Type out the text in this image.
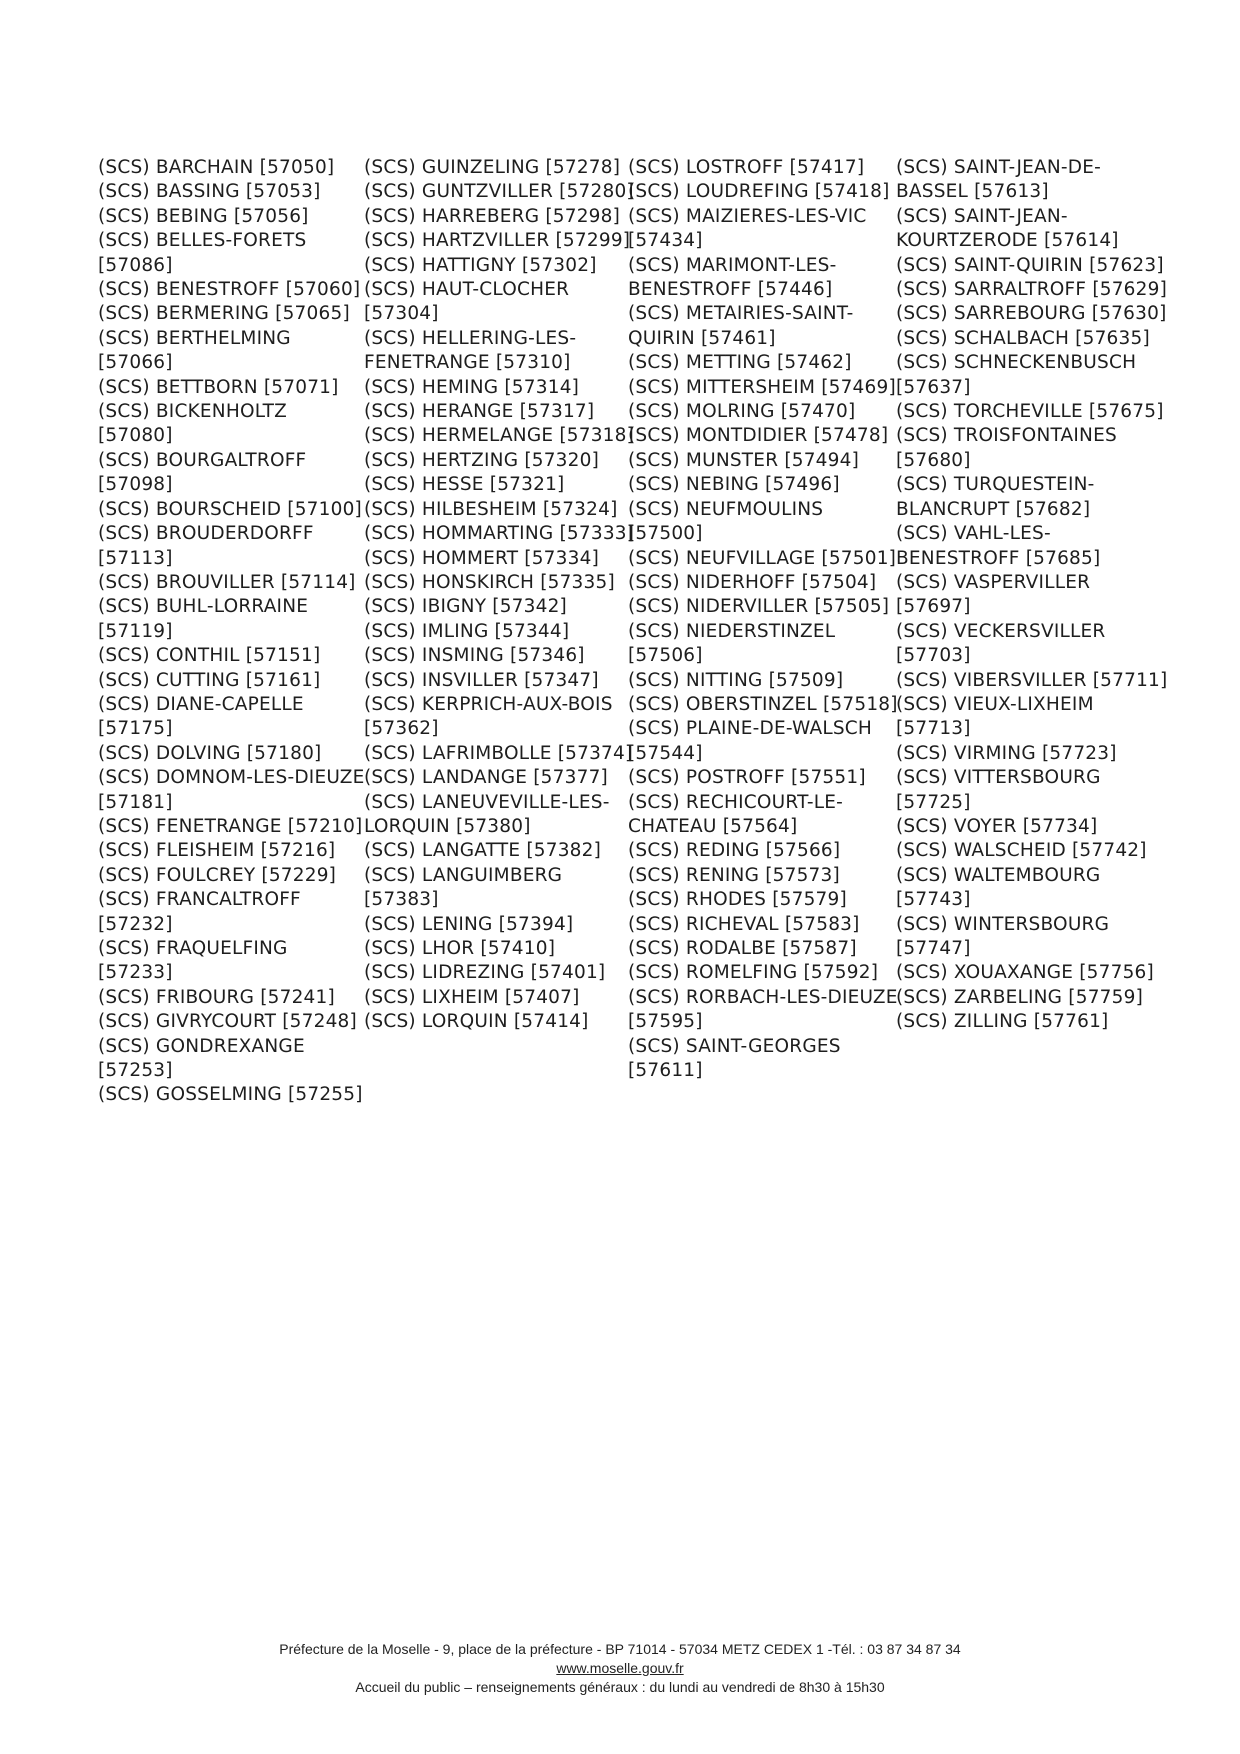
(SCS) BARCHAIN [57050]
(SCS) BASSING [57053]
(SCS) BEBING [57056]
(SCS) BELLES-FORETS [57086]
(SCS) BENESTROFF [57060]
(SCS) BERMERING [57065]
(SCS) BERTHELMING [57066]
(SCS) BETTBORN [57071]
(SCS) BICKENHOLTZ [57080]
(SCS) BOURGALTROFF [57098]
(SCS) BOURSCHEID [57100]
(SCS) BROUDERDORFF [57113]
(SCS) BROUVILLER [57114]
(SCS) BUHL-LORRAINE [57119]
(SCS) CONTHIL [57151]
(SCS) CUTTING [57161]
(SCS) DIANE-CAPELLE [57175]
(SCS) DOLVING [57180]
(SCS) DOMNOM-LES-DIEUZE [57181]
(SCS) FENETRANGE [57210]
(SCS) FLEISHEIM [57216]
(SCS) FOULCREY [57229]
(SCS) FRANCALTROFF [57232]
(SCS) FRAQUELFING [57233]
(SCS) FRIBOURG [57241]
(SCS) GIVRYCOURT [57248]
(SCS) GONDREXANGE [57253]
(SCS) GOSSELMING [57255]
(SCS) GUINZELING [57278]
(SCS) GUNTZVILLER [57280]
(SCS) HARREBERG [57298]
(SCS) HARTZVILLER [57299]
(SCS) HATTIGNY [57302]
(SCS) HAUT-CLOCHER [57304]
(SCS) HELLERING-LES-FENETRANGE [57310]
(SCS) HEMING [57314]
(SCS) HERANGE [57317]
(SCS) HERMELANGE [57318]
(SCS) HERTZING [57320]
(SCS) HESSE [57321]
(SCS) HILBESHEIM [57324]
(SCS) HOMMARTING [57333]
(SCS) HOMMERT [57334]
(SCS) HONSKIRCH [57335]
(SCS) IBIGNY [57342]
(SCS) IMLING [57344]
(SCS) INSMING [57346]
(SCS) INSVILLER [57347]
(SCS) KERPRICH-AUX-BOIS [57362]
(SCS) LAFRIMBOLLE [57374]
(SCS) LANDANGE [57377]
(SCS) LANEUVEVILLE-LES-LORQUIN [57380]
(SCS) LANGATTE [57382]
(SCS) LANGUIMBERG [57383]
(SCS) LENING [57394]
(SCS) LHOR [57410]
(SCS) LIDREZING [57401]
(SCS) LIXHEIM [57407]
(SCS) LORQUIN [57414]
(SCS) LOSTROFF [57417]
(SCS) LOUDREFING [57418]
(SCS) MAIZIERES-LES-VIC [57434]
(SCS) MARIMONT-LES-BENESTROFF [57446]
(SCS) METAIRIES-SAINT-QUIRIN [57461]
(SCS) METTING [57462]
(SCS) MITTERSHEIM [57469]
(SCS) MOLRING [57470]
(SCS) MONTDIDIER [57478]
(SCS) MUNSTER [57494]
(SCS) NEBING [57496]
(SCS) NEUFMOULINS [57500]
(SCS) NEUFVILLAGE [57501]
(SCS) NIDERHOFF [57504]
(SCS) NIDERVILLER [57505]
(SCS) NIEDERSTINZEL [57506]
(SCS) NITTING [57509]
(SCS) OBERSTINZEL [57518]
(SCS) PLAINE-DE-WALSCH [57544]
(SCS) POSTROFF [57551]
(SCS) RECHICOURT-LE-CHATEAU [57564]
(SCS) REDING [57566]
(SCS) RENING [57573]
(SCS) RHODES [57579]
(SCS) RICHEVAL [57583]
(SCS) RODALBE [57587]
(SCS) ROMELFING [57592]
(SCS) RORBACH-LES-DIEUZE [57595]
(SCS) SAINT-GEORGES [57611]
(SCS) SAINT-JEAN-DE-BASSEL [57613]
(SCS) SAINT-JEAN-KOURTZERODE [57614]
(SCS) SAINT-QUIRIN [57623]
(SCS) SARRALTROFF [57629]
(SCS) SARREBOURG [57630]
(SCS) SCHALBACH [57635]
(SCS) SCHNECKENBUSCH [57637]
(SCS) TORCHEVILLE [57675]
(SCS) TROISFONTAINES [57680]
(SCS) TURQUESTEIN-BLANCRUPT [57682]
(SCS) VAHL-LES-BENESTROFF [57685]
(SCS) VASPERVILLER [57697]
(SCS) VECKERSVILLER [57703]
(SCS) VIBERSVILLER [57711]
(SCS) VIEUX-LIXHEIM [57713]
(SCS) VIRMING [57723]
(SCS) VITTERSBOURG [57725]
(SCS) VOYER [57734]
(SCS) WALSCHEID [57742]
(SCS) WALTEMBOURG [57743]
(SCS) WINTERSBOURG [57747]
(SCS) XOUAXANGE [57756]
(SCS) ZARBELING [57759]
(SCS) ZILLING [57761]
Préfecture de la Moselle - 9, place de la préfecture - BP 71014 - 57034 METZ CEDEX 1 -Tél. : 03 87 34 87 34
www.moselle.gouv.fr
Accueil du public – renseignements généraux : du lundi au vendredi de 8h30 à 15h30
